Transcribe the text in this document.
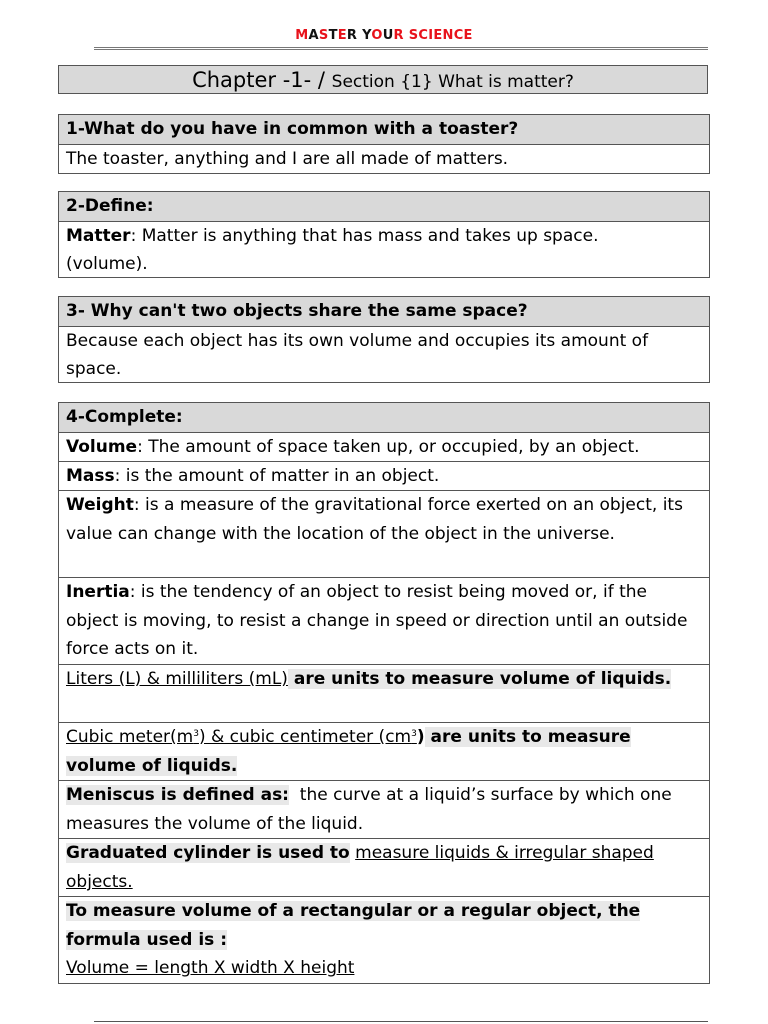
MASTER YOUR SCIENCE
Chapter -1- / Section {1} What is matter?
1-What do you have in common with a toaster?
The toaster, anything and I are all made of matters.
2-Define:
Matter: Matter is anything that has mass and takes up space.
(volume).
3- Why can't two objects share the same space?
Because each object has its own volume and occupies its amount of space.
4-Complete:
Volume: The amount of space taken up, or occupied, by an object.
Mass: is the amount of matter in an object.
Weight: is a measure of the gravitational force exerted on an object, its value can change with the location of the object in the universe.
Inertia: is the tendency of an object to resist being moved or, if the object is moving, to resist a change in speed or direction until an outside force acts on it.
Liters (L) & milliliters (mL) are units to measure volume of liquids.
Cubic $meter(m^3)$ & cubic centimeter $(cm^3)$ are units to measure volume of liquids.
Meniscus is defined as:  the curve at a liquid’s surface by which one measures the volume of the liquid.
Graduated cylinder is used to measure liquids & irregular shaped objects.
To measure volume of a rectangular or a regular object, the formula used is :
Volume = length X width X height
